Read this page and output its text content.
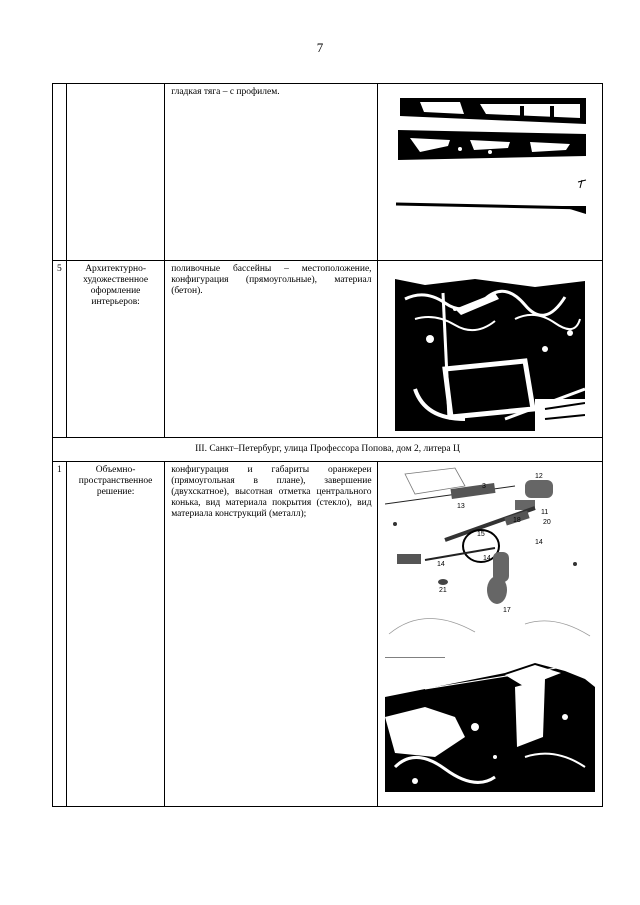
7
		гладкая тяга – с профилем.	

5	Архитектурно-художественное оформление интерьеров:	поливочные бассейны – местоположение, конфигурация (прямоугольные), материал (бетон).	

III. Санкт–Петербург, улица Профессора Попова, дом 2, литера Ц			
1	Объемно-пространственное решение:	конфигурация и габариты оранжереи (прямоугольная в плане), завершение (двухскатное), высотная отметка центрального конька, вид материала покрытия (стекло), вид материала конструкций (металл);	3 12 13 11 18 20 15 14 14 14 21 17
